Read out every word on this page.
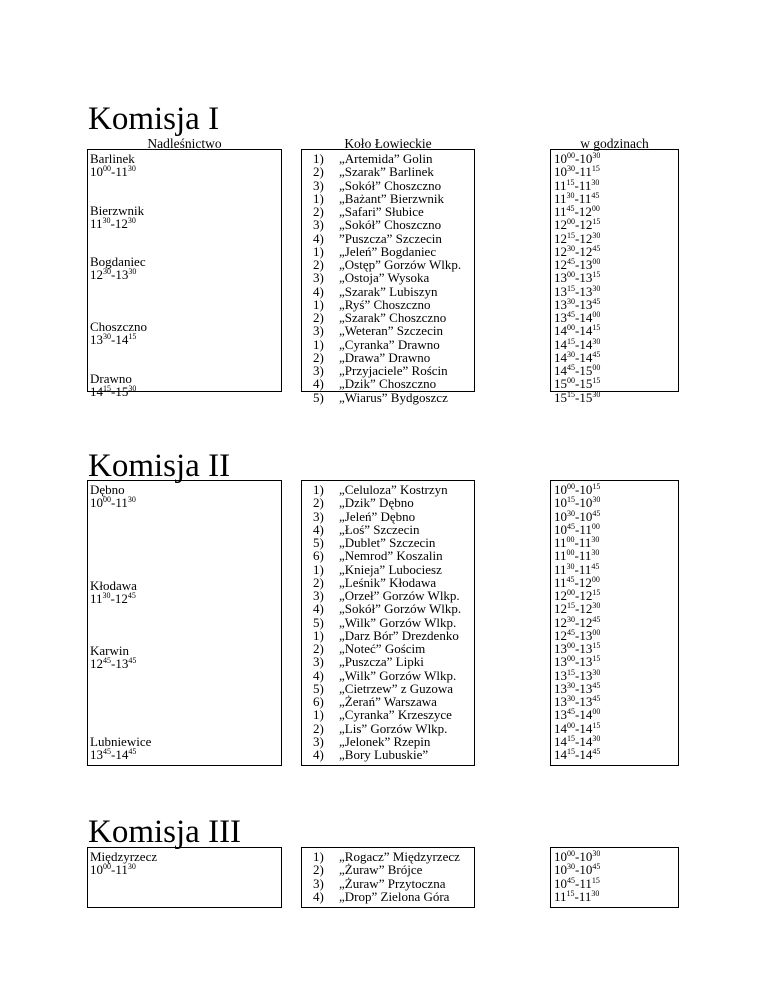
Nadleśnictwo	Koło Łowieckie	w godzinach
Komisja I
Barlinek
$10^{00}-11^{30}$
Bierzwnik
$11^{30}-12^{30}$
Bogdaniec
$12^{30}-13^{30}$
Choszczno
$13^{30}-14^{15}$
Drawno
$14^{15}-15^{30}$
1) „Artemida” Golin
2) „Szarak” Barlinek
3) „Sokół” Choszczno
1) „Bażant” Bierzwnik
2) „Safari” Słubice
3) „Sokół” Choszczno
4) ”Puszcza” Szczecin
1) „Jeleń” Bogdaniec
2) „Ostęp” Gorzów Wlkp.
3) „Ostoja” Wysoka
4) „Szarak” Lubiszyn
1) „Ryś” Choszczno
2) „Szarak” Choszczno
3) „Weteran” Szczecin
1) „Cyranka” Drawno
2) „Drawa” Drawno
3) „Przyjaciele” Rościn
4) „Dzik” Choszczno
5) „Wiarus” Bydgoszcz
$10^{00}-10^{30}$
$10^{30}-11^{15}$
$11^{15}-11^{30}$
$11^{30}-11^{45}$
$11^{45}-12^{00}$
$12^{00}-12^{15}$
$12^{15}-12^{30}$
$12^{30}-12^{45}$
$12^{45}-13^{00}$
$13^{00}-13^{15}$
$13^{15}-13^{30}$
$13^{30}-13^{45}$
$13^{45}-14^{00}$
$14^{00}-14^{15}$
$14^{15}-14^{30}$
$14^{30}-14^{45}$
$14^{45}-15^{00}$
$15^{00}-15^{15}$
$15^{15}-15^{30}$
Komisja II
Dębno
$10^{00}-11^{30}$
Kłodawa
$11^{30}-12^{45}$
Karwin
$12^{45}-13^{45}$
Lubniewice
$13^{45}-14^{45}$
1) „Celuloza” Kostrzyn
2) „Dzik” Dębno
3) „Jeleń” Dębno
4) „Łoś” Szczecin
5) „Dublet” Szczecin
6) „Nemrod” Koszalin
1) „Knieja” Lubociesz
2) „Leśnik” Kłodawa
3) „Orzeł” Gorzów Wlkp.
4) „Sokół” Gorzów Wlkp.
5) „Wilk” Gorzów Wlkp.
1) „Darz Bór” Drezdenko
2) „Noteć” Gościm
3) „Puszcza” Lipki
4) „Wilk” Gorzów Wlkp.
5) „Cietrzew” z Guzowa
6) „Żerań” Warszawa
1) „Cyranka” Krzeszyce
2) „Lis” Gorzów Wlkp.
3) „Jelonek” Rzepin
4) „Bory Lubuskie”
$10^{00}-10^{15}$
$10^{15}-10^{30}$
$10^{30}-10^{45}$
$10^{45}-11^{00}$
$11^{00}-11^{30}$
$11^{00}-11^{30}$
$11^{30}-11^{45}$
$11^{45}-12^{00}$
$12^{00}-12^{15}$
$12^{15}-12^{30}$
$12^{30}-12^{45}$
$12^{45}-13^{00}$
$13^{00}-13^{15}$
$13^{00}-13^{15}$
$13^{15}-13^{30}$
$13^{30}-13^{45}$
$13^{30}-13^{45}$
$13^{45}-14^{00}$
$14^{00}-14^{15}$
$14^{15}-14^{30}$
$14^{15}-14^{45}$
Komisja III
Międzyrzecz
$10^{00}-11^{30}$
1) „Rogacz” Międzyrzecz
2) „Żuraw” Brójce
3) „Żuraw” Przytoczna
4) „Drop” Zielona Góra
$10^{00}-10^{30}$
$10^{30}-10^{45}$
$10^{45}-11^{15}$
$11^{15}-11^{30}$
